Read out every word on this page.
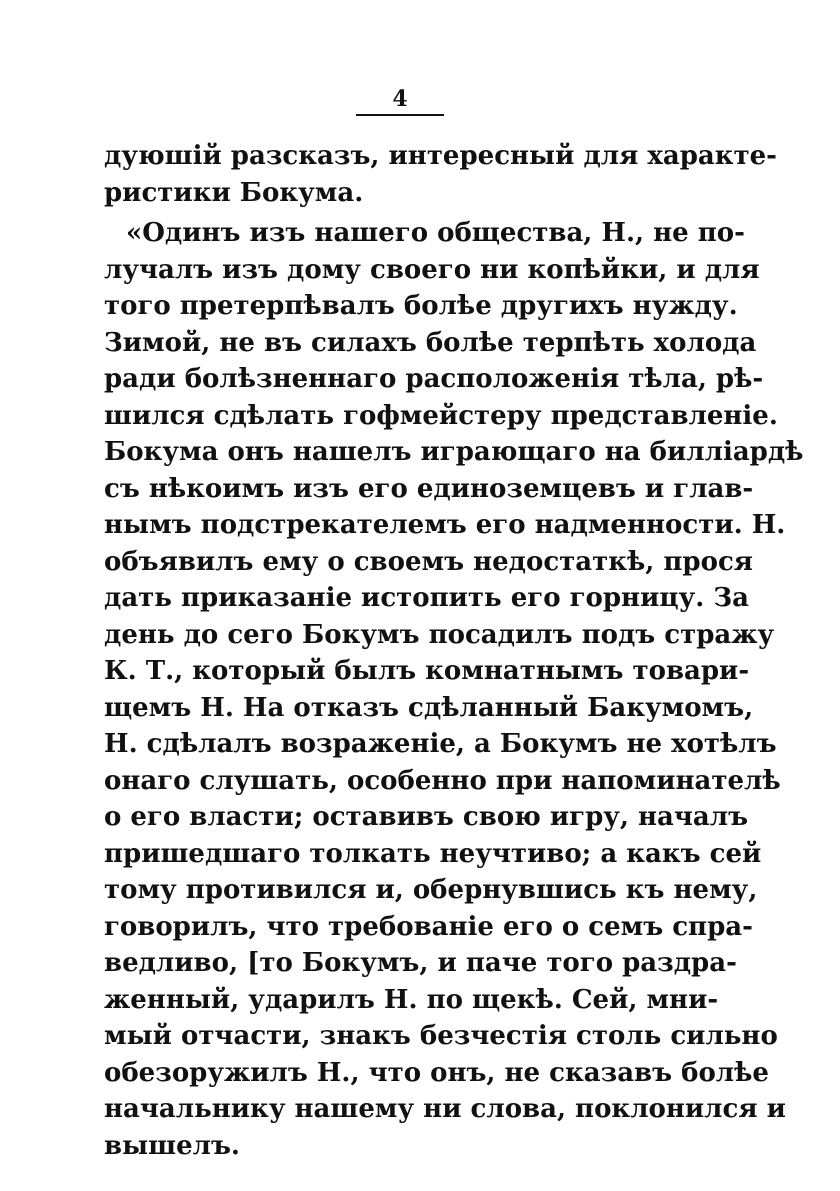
4
дуюшій разсказъ, интересный для характе-
ристики Бокума.
«Одинъ изъ нашего общества, Н., не по-
лучалъ изъ дому своего ни копѣйки, и для
того претерпѣвалъ болѣе другихъ нужду.
Зимой, не въ силахъ болѣе терпѣть холода
ради болѣзненнаго расположенія тѣла, рѣ-
шился сдѣлать гофмейстеру представленіе.
Бокума онъ нашелъ играющаго на билліардѣ
съ нѣкоимъ изъ его единоземцевъ и глав-
нымъ подстрекателемъ его надменности. Н.
объявилъ ему о своемъ недостаткѣ, прося
дать приказаніе истопить его горницу. За
день до сего Бокумъ посадилъ подъ стражу
К. Т., который былъ комнатнымъ товари-
щемъ Н. На отказъ сдѣланный Бакумомъ,
Н. сдѣлалъ возраженіе, а Бокумъ не хотѣлъ
онаго слушать, особенно при напоминателѣ
о его власти; оставивъ свою игру, началъ
пришедшаго толкать неучтиво; а какъ сей
тому противился и, обернувшись къ нему,
говорилъ, что требованіе его о семъ спра-
ведливо, [то Бокумъ, и паче того раздра-
женный, ударилъ Н. по щекѣ. Сей, мни-
мый отчасти, знакъ безчестія столь сильно
обезоружилъ Н., что онъ, не сказавъ болѣе
начальнику нашему ни слова, поклонился и
вышелъ.
